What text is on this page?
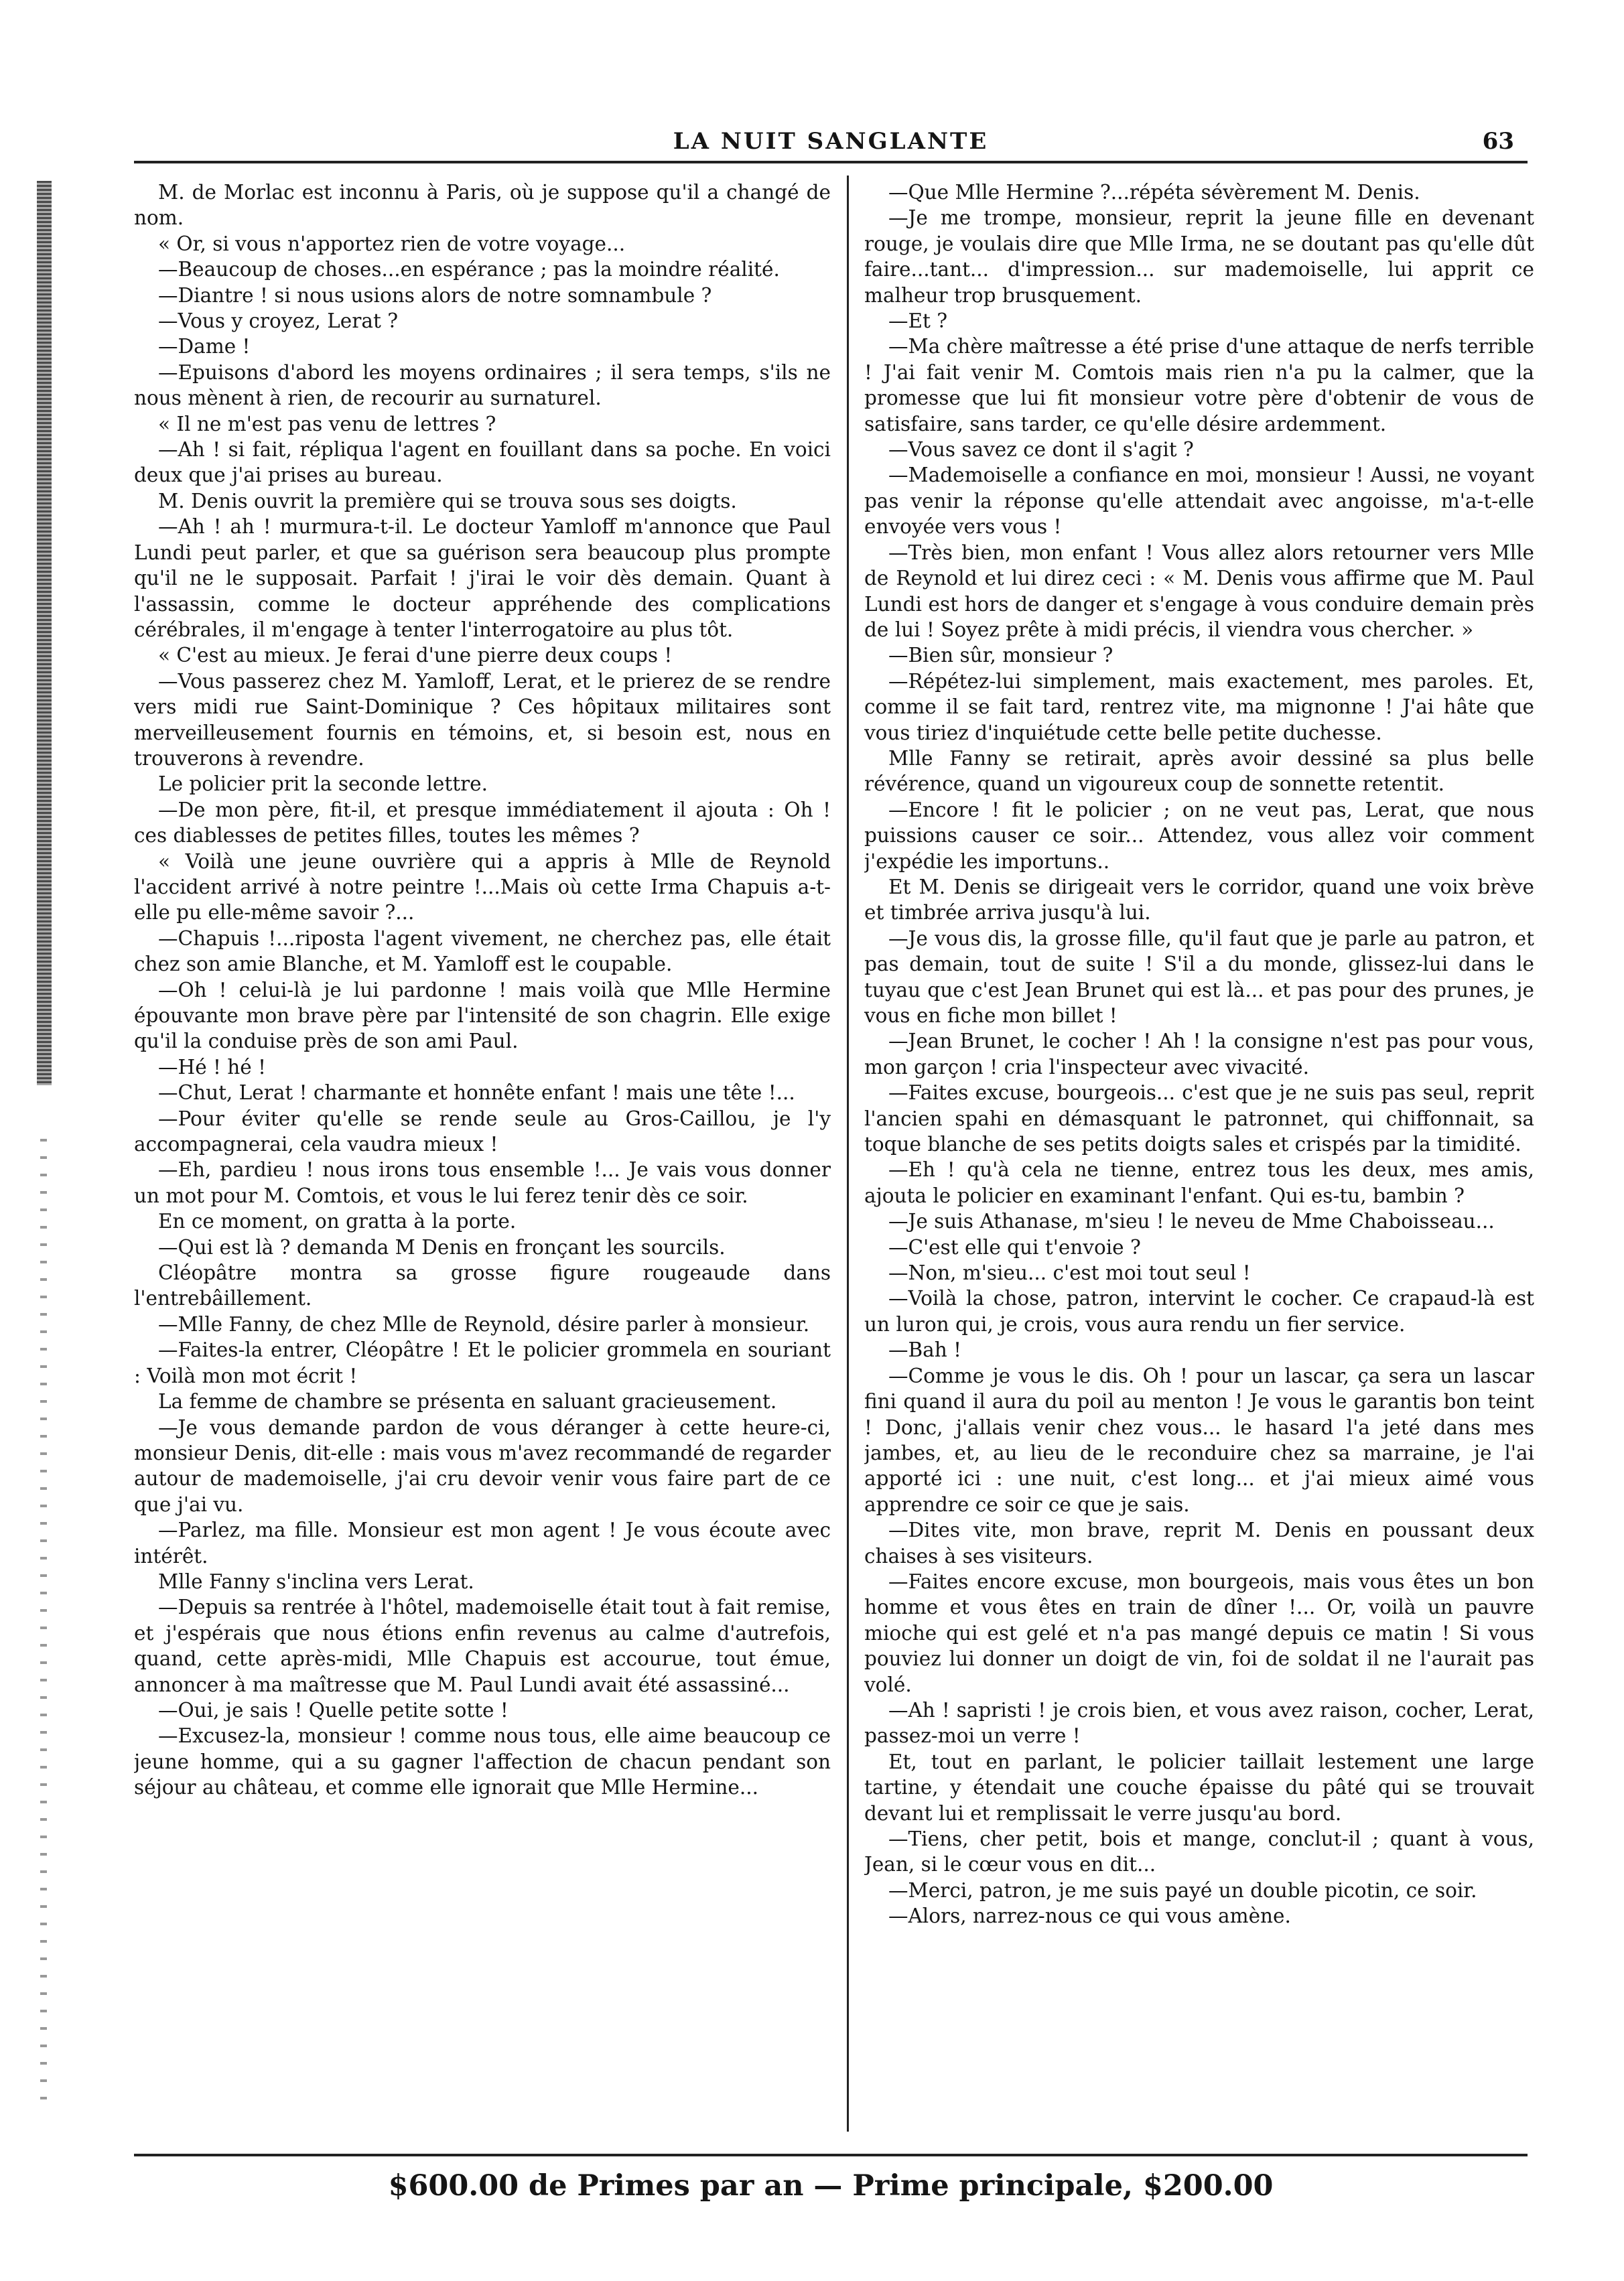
LA NUIT SANGLANTE	63

M. de Morlac est inconnu à Paris, où je suppose qu'il a changé de nom.

« Or, si vous n'apportez rien de votre voyage...

—Beaucoup de choses...en espérance ; pas la moindre réalité.

—Diantre ! si nous usions alors de notre somnambule ?

—Vous y croyez, Lerat ?

—Dame !

—Epuisons d'abord les moyens ordinaires ; il sera temps, s'ils ne nous mènent à rien, de recourir au surnaturel.

« Il ne m'est pas venu de lettres ?

—Ah ! si fait, répliqua l'agent en fouillant dans sa poche. En voici deux que j'ai prises au bureau.

M. Denis ouvrit la première qui se trouva sous ses doigts.

—Ah ! ah ! murmura-t-il. Le docteur Yamloff m'annonce que Paul Lundi peut parler, et que sa guérison sera beaucoup plus prompte qu'il ne le supposait. Parfait ! j'irai le voir dès demain. Quant à l'assassin, comme le docteur appréhende des complications cérébrales, il m'engage à tenter l'interrogatoire au plus tôt.

« C'est au mieux. Je ferai d'une pierre deux coups !

—Vous passerez chez M. Yamloff, Lerat, et le prierez de se rendre vers midi rue Saint-Dominique ? Ces hôpitaux militaires sont merveilleusement fournis en témoins, et, si besoin est, nous en trouverons à revendre.

Le policier prit la seconde lettre.

—De mon père, fit-il, et presque immédiatement il ajouta : Oh ! ces diablesses de petites filles, toutes les mêmes ?

« Voilà une jeune ouvrière qui a appris à Mlle de Reynold l'accident arrivé à notre peintre !...Mais où cette Irma Chapuis a-t-elle pu elle-même savoir ?...

—Chapuis !...riposta l'agent vivement, ne cherchez pas, elle était chez son amie Blanche, et M. Yamloff est le coupable.

—Oh ! celui-là je lui pardonne ! mais voilà que Mlle Hermine épouvante mon brave père par l'intensité de son chagrin. Elle exige qu'il la conduise près de son ami Paul.

—Hé ! hé !

—Chut, Lerat ! charmante et honnête enfant ! mais une tête !...

—Pour éviter qu'elle se rende seule au Gros-Caillou, je l'y accompagnerai, cela vaudra mieux !

—Eh, pardieu ! nous irons tous ensemble !... Je vais vous donner un mot pour M. Comtois, et vous le lui ferez tenir dès ce soir.

En ce moment, on gratta à la porte.

—Qui est là ? demanda M Denis en fronçant les sourcils.

Cléopâtre montra sa grosse figure rougeaude dans l'entrebâillement.

—Mlle Fanny, de chez Mlle de Reynold, désire parler à monsieur.

—Faites-la entrer, Cléopâtre ! Et le policier grommela en souriant : Voilà mon mot écrit !

La femme de chambre se présenta en saluant gracieusement.

—Je vous demande pardon de vous déranger à cette heure-ci, monsieur Denis, dit-elle : mais vous m'avez recommandé de regarder autour de mademoiselle, j'ai cru devoir venir vous faire part de ce que j'ai vu.

—Parlez, ma fille. Monsieur est mon agent ! Je vous écoute avec intérêt.

Mlle Fanny s'inclina vers Lerat.

—Depuis sa rentrée à l'hôtel, mademoiselle était tout à fait remise, et j'espérais que nous étions enfin revenus au calme d'autrefois, quand, cette après-midi, Mlle Chapuis est accourue, tout émue, annoncer à ma maîtresse que M. Paul Lundi avait été assassiné...

—Oui, je sais ! Quelle petite sotte !

—Excusez-la, monsieur ! comme nous tous, elle aime beaucoup ce jeune homme, qui a su gagner l'affection de chacun pendant son séjour au château, et comme elle ignorait que Mlle Hermine...

—Que Mlle Hermine ?...répéta sévèrement M. Denis.

—Je me trompe, monsieur, reprit la jeune fille en devenant rouge, je voulais dire que Mlle Irma, ne se doutant pas qu'elle dût faire...tant... d'impression... sur mademoiselle, lui apprit ce malheur trop brusquement.

—Et ?

—Ma chère maîtresse a été prise d'une attaque de nerfs terrible ! J'ai fait venir M. Comtois mais rien n'a pu la calmer, que la promesse que lui fit monsieur votre père d'obtenir de vous de satisfaire, sans tarder, ce qu'elle désire ardemment.

—Vous savez ce dont il s'agit ?

—Mademoiselle a confiance en moi, monsieur ! Aussi, ne voyant pas venir la réponse qu'elle attendait avec angoisse, m'a-t-elle envoyée vers vous !

—Très bien, mon enfant ! Vous allez alors retourner vers Mlle de Reynold et lui direz ceci : « M. Denis vous affirme que M. Paul Lundi est hors de danger et s'engage à vous conduire demain près de lui ! Soyez prête à midi précis, il viendra vous chercher. »

—Bien sûr, monsieur ?

—Répétez-lui simplement, mais exactement, mes paroles. Et, comme il se fait tard, rentrez vite, ma mignonne ! J'ai hâte que vous tiriez d'inquiétude cette belle petite duchesse.

Mlle Fanny se retirait, après avoir dessiné sa plus belle révérence, quand un vigoureux coup de sonnette retentit.

—Encore ! fit le policier ; on ne veut pas, Lerat, que nous puissions causer ce soir... Attendez, vous allez voir comment j'expédie les importuns..

Et M. Denis se dirigeait vers le corridor, quand une voix brève et timbrée arriva jusqu'à lui.

—Je vous dis, la grosse fille, qu'il faut que je parle au patron, et pas demain, tout de suite ! S'il a du monde, glissez-lui dans le tuyau que c'est Jean Brunet qui est là... et pas pour des prunes, je vous en fiche mon billet !

—Jean Brunet, le cocher ! Ah ! la consigne n'est pas pour vous, mon garçon ! cria l'inspecteur avec vivacité.

—Faites excuse, bourgeois... c'est que je ne suis pas seul, reprit l'ancien spahi en démasquant le patronnet, qui chiffonnait, sa toque blanche de ses petits doigts sales et crispés par la timidité.

—Eh ! qu'à cela ne tienne, entrez tous les deux, mes amis, ajouta le policier en examinant l'enfant. Qui es-tu, bambin ?

—Je suis Athanase, m'sieu ! le neveu de Mme Chaboisseau...

—C'est elle qui t'envoie ?

—Non, m'sieu... c'est moi tout seul !

—Voilà la chose, patron, intervint le cocher. Ce crapaud-là est un luron qui, je crois, vous aura rendu un fier service.

—Bah !

—Comme je vous le dis. Oh ! pour un lascar, ça sera un lascar fini quand il aura du poil au menton ! Je vous le garantis bon teint ! Donc, j'allais venir chez vous... le hasard l'a jeté dans mes jambes, et, au lieu de le reconduire chez sa marraine, je l'ai apporté ici : une nuit, c'est long... et j'ai mieux aimé vous apprendre ce soir ce que je sais.

—Dites vite, mon brave, reprit M. Denis en poussant deux chaises à ses visiteurs.

—Faites encore excuse, mon bourgeois, mais vous êtes un bon homme et vous êtes en train de dîner !... Or, voilà un pauvre mioche qui est gelé et n'a pas mangé depuis ce matin ! Si vous pouviez lui donner un doigt de vin, foi de soldat il ne l'aurait pas volé.

—Ah ! sapristi ! je crois bien, et vous avez raison, cocher, Lerat, passez-moi un verre !

Et, tout en parlant, le policier taillait lestement une large tartine, y étendait une couche épaisse du pâté qui se trouvait devant lui et remplissait le verre jusqu'au bord.

—Tiens, cher petit, bois et mange, conclut-il ; quant à vous, Jean, si le cœur vous en dit...

—Merci, patron, je me suis payé un double picotin, ce soir.

—Alors, narrez-nous ce qui vous amène.

$600.00 de Primes par an — Prime principale, $200.00
